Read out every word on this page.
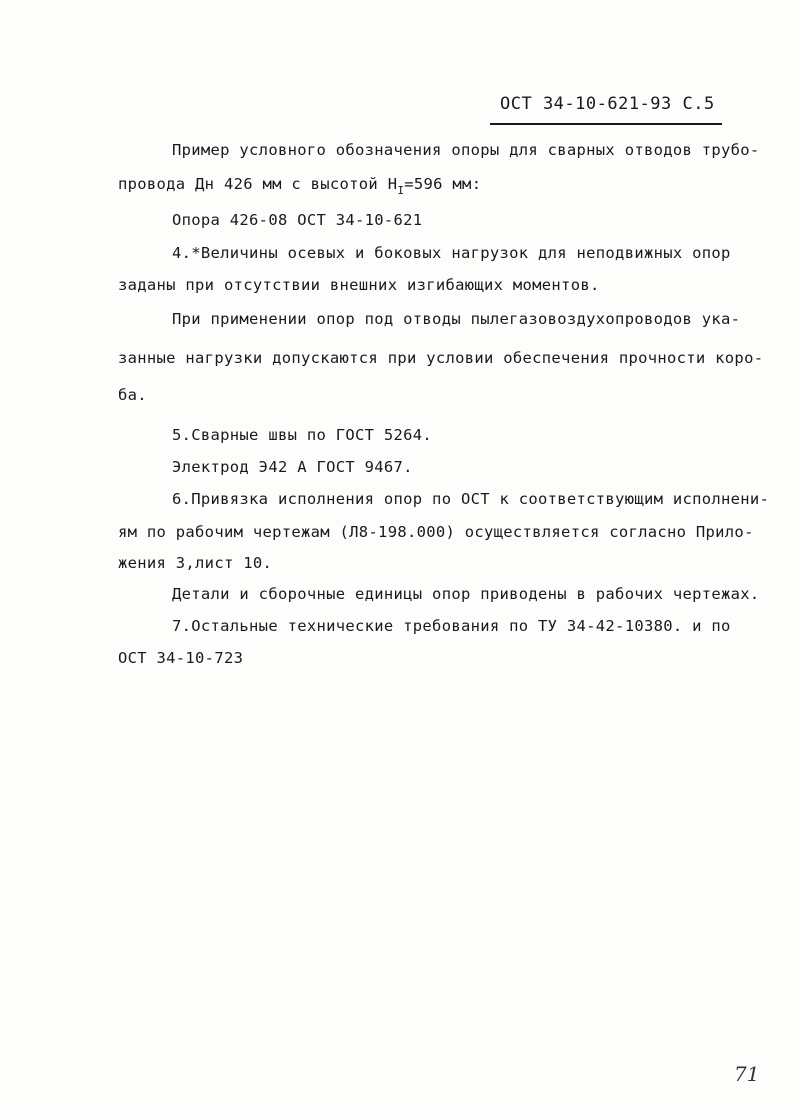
ОСТ 34-10-621-93 С.5
Пример условного обозначения опоры для сварных отводов трубо-
провода Дн 426 мм с высотой $Н_I=596$ мм:
Опора 426-08 ОСТ 34-10-621
4.*Величины осевых и боковых нагрузок для неподвижных опор
заданы при отсутствии внешних изгибающих моментов.
При применении опор под отводы пылегазовоздухопроводов ука-
занные нагрузки допускаются при условии обеспечения прочности коро-
ба.
5.Сварные швы по ГОСТ 5264.
Электрод Э42 А ГОСТ 9467.
6.Привязка исполнения опор по ОСТ к соответствующим исполнени-
ям по рабочим чертежам (Л8-198.000) осуществляется согласно Прило-
жения 3,лист 10.
Детали и сборочные единицы опор приводены в рабочих чертежах.
7.Остальные технические требования по ТУ 34-42-10380. и по
ОСТ 34-10-723
71
